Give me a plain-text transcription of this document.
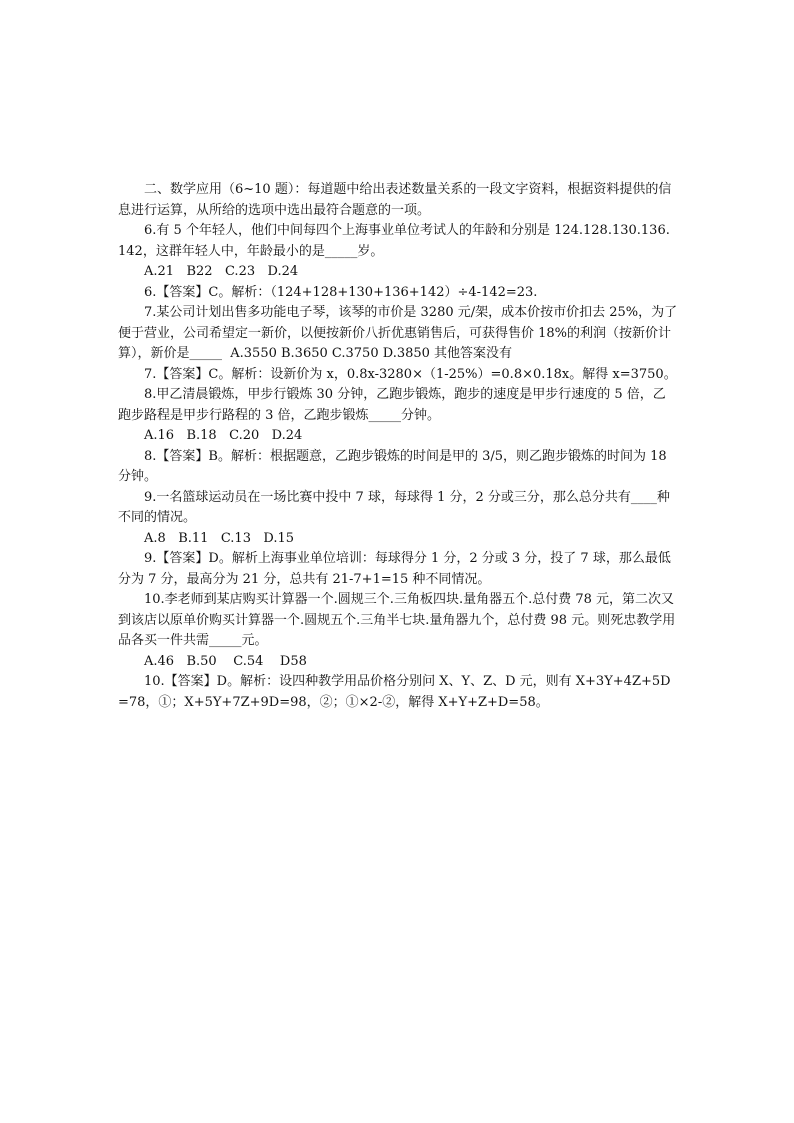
二、数学应用（6~10 题）：每道题中给出表述数量关系的一段文字资料，根据资料提供的信息进行运算，从所给的选项中选出最符合题意的一项。

6.有 5 个年轻人，他们中间每四个上海事业单位考试人的年龄和分别是 124.128.130.136.142，这群年轻人中，年龄最小的是_____岁。

A.21   B22   C.23   D.24

6.【答案】C。解析：（124+128+130+136+142）÷4-142=23.

7.某公司计划出售多功能电子琴，该琴的市价是 3280 元/架，成本价按市价扣去 25%，为了便于营业，公司希望定一新价，以便按新价八折优惠销售后，可获得售价 18%的利润（按新价计算），新价是_____  A.3550 B.3650 C.3750 D.3850 其他答案没有

7.【答案】C。解析：设新价为 x，0.8x-3280×（1-25%）=0.8×0.18x。解得 x=3750。

8.甲乙清晨锻炼，甲步行锻炼 30 分钟，乙跑步锻炼，跑步的速度是甲步行速度的 5 倍，乙跑步路程是甲步行路程的 3 倍，乙跑步锻炼_____分钟。

A.16   B.18   C.20   D.24

8.【答案】B。解析：根据题意，乙跑步锻炼的时间是甲的 3/5，则乙跑步锻炼的时间为 18 分钟。

9.一名篮球运动员在一场比赛中投中 7 球，每球得 1 分，2 分或三分，那么总分共有____种不同的情况。

A.8   B.11   C.13   D.15

9.【答案】D。解析上海事业单位培训：每球得分 1 分，2 分或 3 分，投了 7 球，那么最低分为 7 分，最高分为 21 分，总共有 21-7+1=15 种不同情况。

10.李老师到某店购买计算器一个.圆规三个.三角板四块.量角器五个.总付费 78 元，第二次又到该店以原单价购买计算器一个.圆规五个.三角半七块.量角器九个，总付费 98 元。则死忠教学用品各买一件共需_____元。

A.46   B.50    C.54    D58

10.【答案】D。解析：设四种教学用品价格分别问 X、Y、Z、D 元，则有 X+3Y+4Z+5D=78，①；X+5Y+7Z+9D=98，②；①×2-②，解得 X+Y+Z+D=58。
